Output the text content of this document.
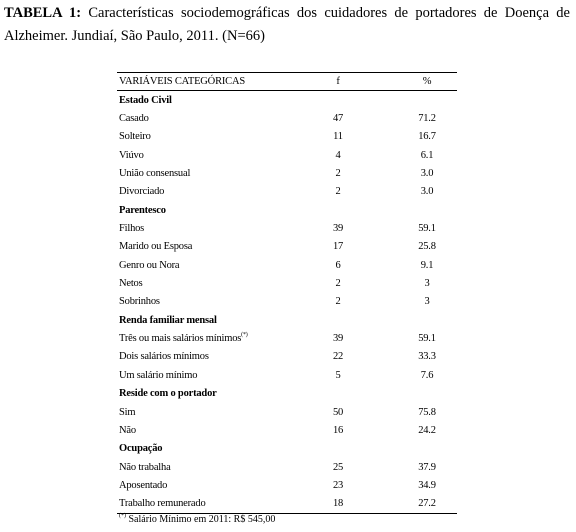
TABELA 1: Características sociodemográficas dos cuidadores de portadores de Doença de Alzheimer. Jundiaí, São Paulo, 2011. (N=66)
VARIÁVEIS CATEGÓRICAS	f	%
Estado Civil
Casado	47	71.2
Solteiro	11	16.7
Viúvo	4	6.1
União consensual	2	3.0
Divorciado	2	3.0
Parentesco
Filhos	39	59.1
Marido ou Esposa	17	25.8
Genro ou Nora	6	9.1
Netos	2	3
Sobrinhos	2	3
Renda familiar mensal
Três ou mais salários mínimos(*)	39	59.1
Dois salários mínimos	22	33.3
Um salário mínimo	5	7.6
Reside com o portador
Sim	50	75.8
Não	16	24.2
Ocupação
Não trabalha	25	37.9
Aposentado	23	34.9
Trabalho remunerado	18	27.2
(*) Salário Mínimo em 2011: R$ 545,00
